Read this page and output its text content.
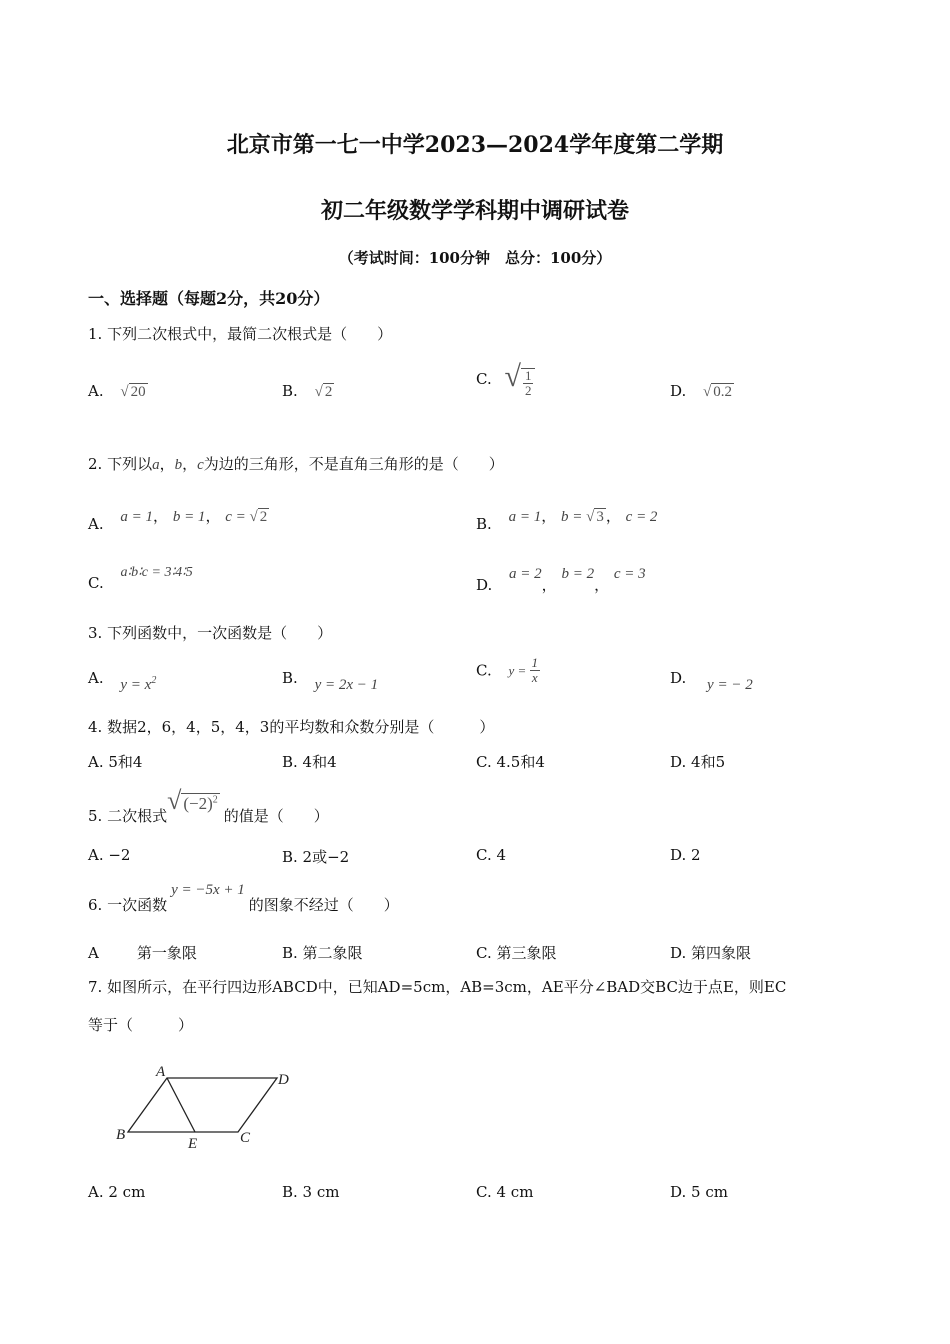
北京市第一七一中学2023—2024学年度第二学期
初二年级数学学科期中调研试卷
（考试时间：100分钟　总分：100分）
一、选择题（每题2分，共20分）
1. 下列二次根式中，最简二次根式是（　　）
A. √ 20	B. √ 2
C. √ $\frac{1}{2}$	D. √ 0.2
2. 下列以a，b，c为边的三角形，不是直角三角形的是（　　）
A. a = 1， b = 1， c = √ 2	B. a = 1， b = √ 3 ， c = 2
C. a∶b∶c = 3∶4∶5
D. a = 2， b = 2， c = 3
3. 下列函数中，一次函数是（　　）
A. $y = x^2$	B. y = 2x − 1
C. $y = \frac{1}{x}$	D. y = − 2
4. 数据2，6，4，5，4，3的平均数和众数分别是（　　　）
A. 5和4	B. 4和4	C. 4.5和4	D. 4和5
5. 二次根式√ $(-2)^2$的值是（　　）
A. −2	B. 2或−2	C. 4	D. 2
6. 一次函数y = −5x + 1的图象不经过（　　）
A	第一象限	B. 第二象限	C. 第三象限	D. 第四象限
7. 如图所示，在平行四边形ABCD中，已知AD=5cm，AB=3cm，AE平分∠BAD交BC边于点E，则EC
等于（　　　）
A	D
B
E	C
A. 2 cm	B. 3 cm	C. 4 cm	D. 5 cm
